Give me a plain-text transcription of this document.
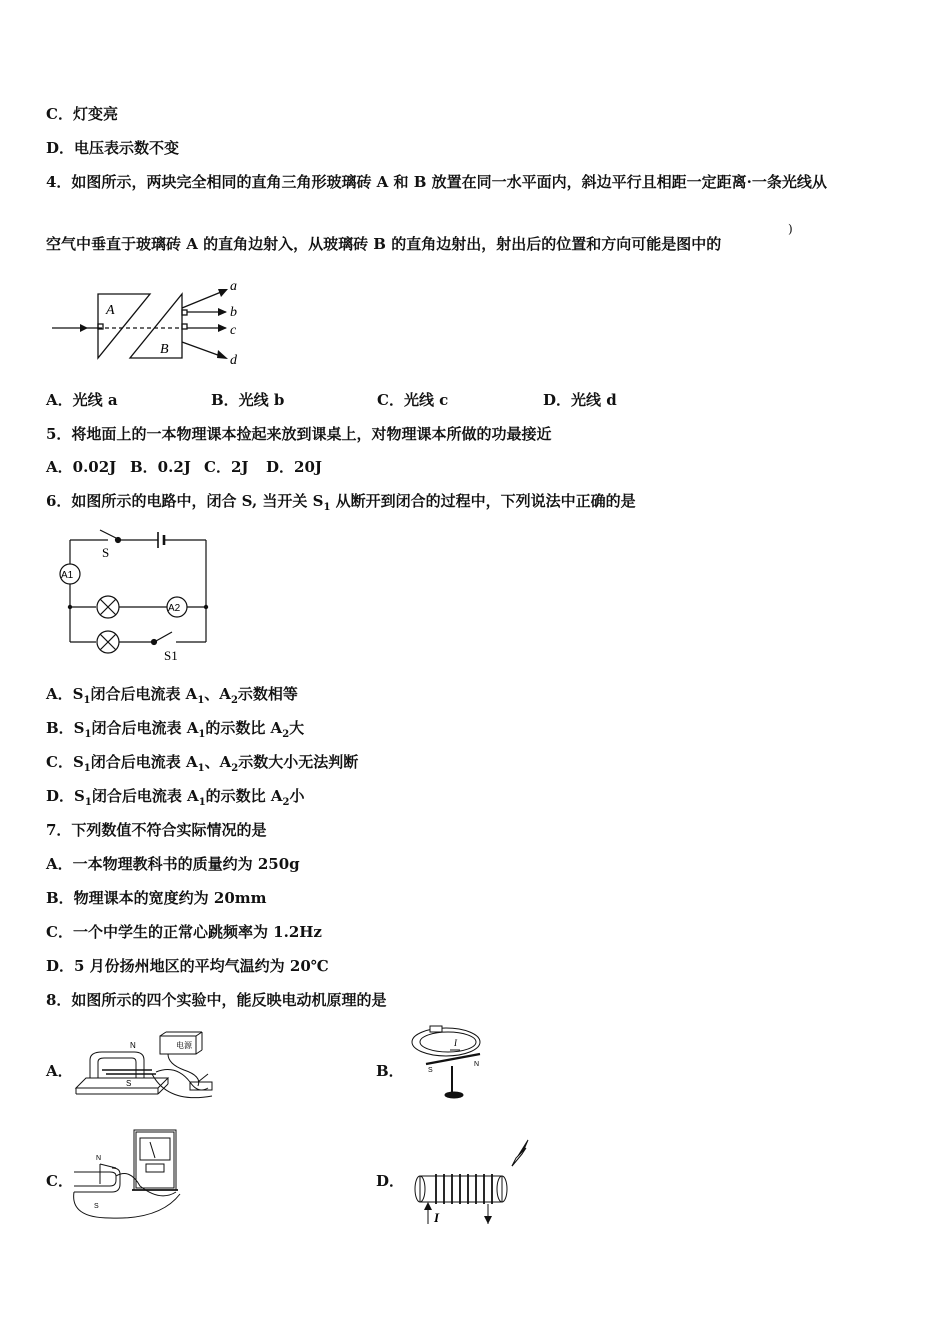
C．灯变亮
D．电压表示数不变
4．如图所示，两块完全相同的直角三角形玻璃砖 A 和 B 放置在同一水平面内，斜边平行且相距一定距离·一条光线从
空气中垂直于玻璃砖 A 的直角边射入，从玻璃砖 B 的直角边射出，射出后的位置和方向可能是图中的
)
A
B
a
b
c
d
A．光线 a	B．光线 b	C．光线 c	D．光线 d
5．将地面上的一本物理课本捡起来放到课桌上，对物理课本所做的功最接近
A．0.02J B．0.2J C．2J D．20J
6．如图所示的电路中，闭合 S, 当开关 $S_1$ 从断开到闭合的过程中，下列说法中正确的是
S
A1
A2
S1
A．$S_1$闭合后电流表 $A_1$、$A_2$示数相等
B．$S_1$闭合后电流表 $A_1$的示数比 $A_2$大
C．$S_1$闭合后电流表 $A_1$、$A_2$示数大小无法判断
D．$S_1$闭合后电流表 $A_1$的示数比 $A_2$小
7．下列数值不符合实际情况的是
A．一本物理教科书的质量约为 250g
B．物理课本的宽度约为 20mm
C．一个中学生的正常心跳频率为 1.2Hz
D．5 月份扬州地区的平均气温约为 20℃
8．如图所示的四个实验中，能反映电动机原理的是
A．
电源
N
S
B．	S
N
I
C．
N
S
D．
I
